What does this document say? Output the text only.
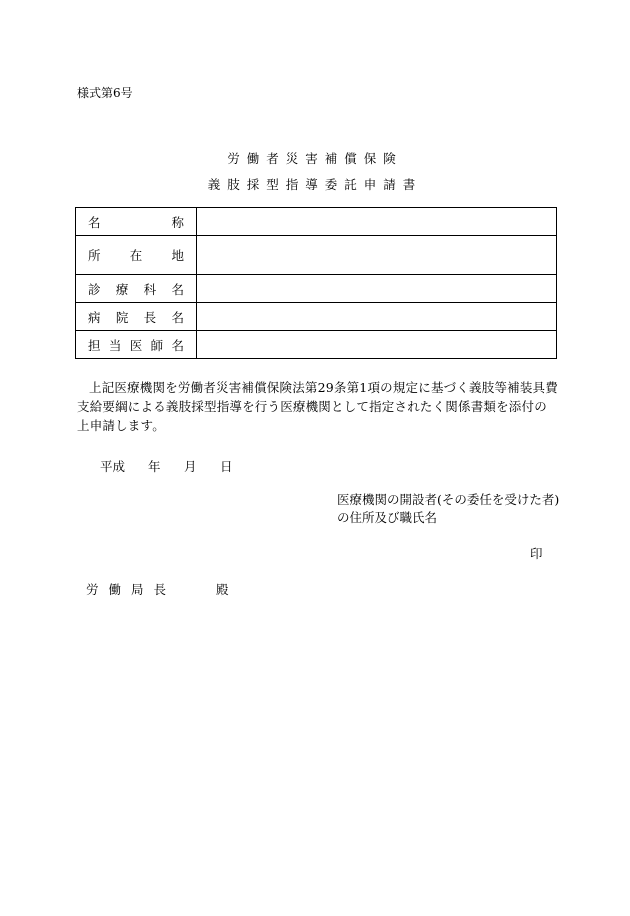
様式第6号
労働者災害補償保険
義肢採型指導委託申請書
名 称	

所 在 地	

診 療 科 名	

病 院 長 名	

担 当 医 師 名	

上記医療機関を労働者災害補償保険法第29条第1項の規定に基づく義肢等補装具費支給要綱による義肢採型指導を行う医療機関として指定されたく関係書類を添付の上申請します。
平成 年 月 日
医療機関の開設者(その委任を受けた者)
の住所及び職氏名
印
労働局長	殿
